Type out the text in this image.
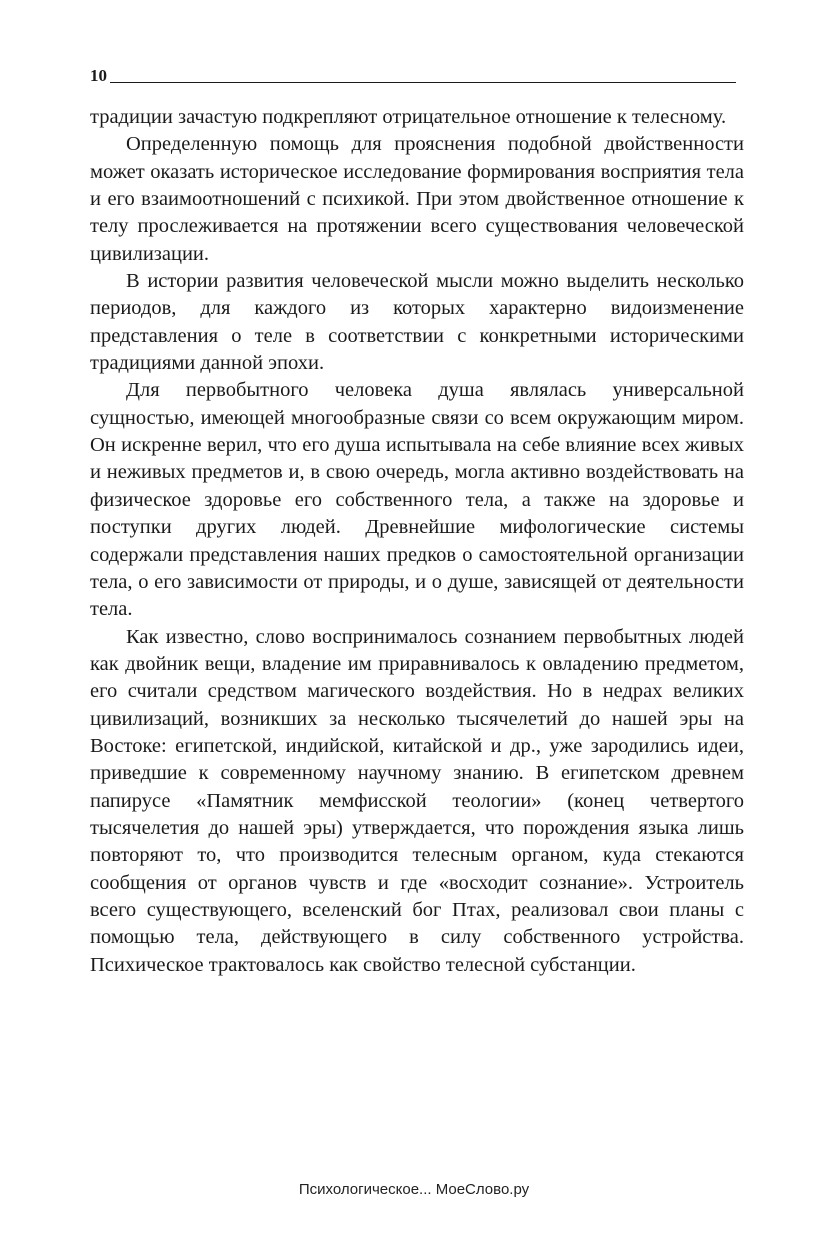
10

традиции зачастую подкрепляют отрицательное отношение к телесному.

Определенную помощь для прояснения подобной двойственности может оказать историческое исследование формирования восприятия тела и его взаимоотношений с психикой. При этом двойственное отношение к телу прослеживается на протяжении всего существования человеческой цивилизации.

В истории развития человеческой мысли можно выделить несколько периодов, для каждого из которых характерно видоизменение представления о теле в соответствии с конкретными историческими традициями данной эпохи.

Для первобытного человека душа являлась универсальной сущностью, имеющей многообразные связи со всем окружающим миром. Он искренне верил, что его душа испытывала на себе влияние всех живых и неживых предметов и, в свою очередь, могла активно воздействовать на физическое здоровье его собственного тела, а также на здоровье и поступки других людей. Древнейшие мифологические системы содержали представления наших предков о самостоятельной организации тела, о его зависимости от природы, и о душе, зависящей от деятельности тела.

Как известно, слово воспринималось сознанием первобытных людей как двойник вещи, владение им приравнивалось к овладению предметом, его считали средством магического воздействия. Но в недрах великих цивилизаций, возникших за несколько тысячелетий до нашей эры на Востоке: египетской, индийской, китайской и др., уже зародились идеи, приведшие к современному научному знанию. В египетском древнем папирусе «Памятник мемфисской теологии» (конец четвертого тысячелетия до нашей эры) утверждается, что порождения языка лишь повторяют то, что производится телесным органом, куда стекаются сообщения от органов чувств и где «восходит сознание». Устроитель всего существующего, вселенский бог Птах, реализовал свои планы с помощью тела, действующего в силу собственного устройства. Психическое трактовалось как свойство телесной субстанции.

Психологическое... МоеСлово.ру
